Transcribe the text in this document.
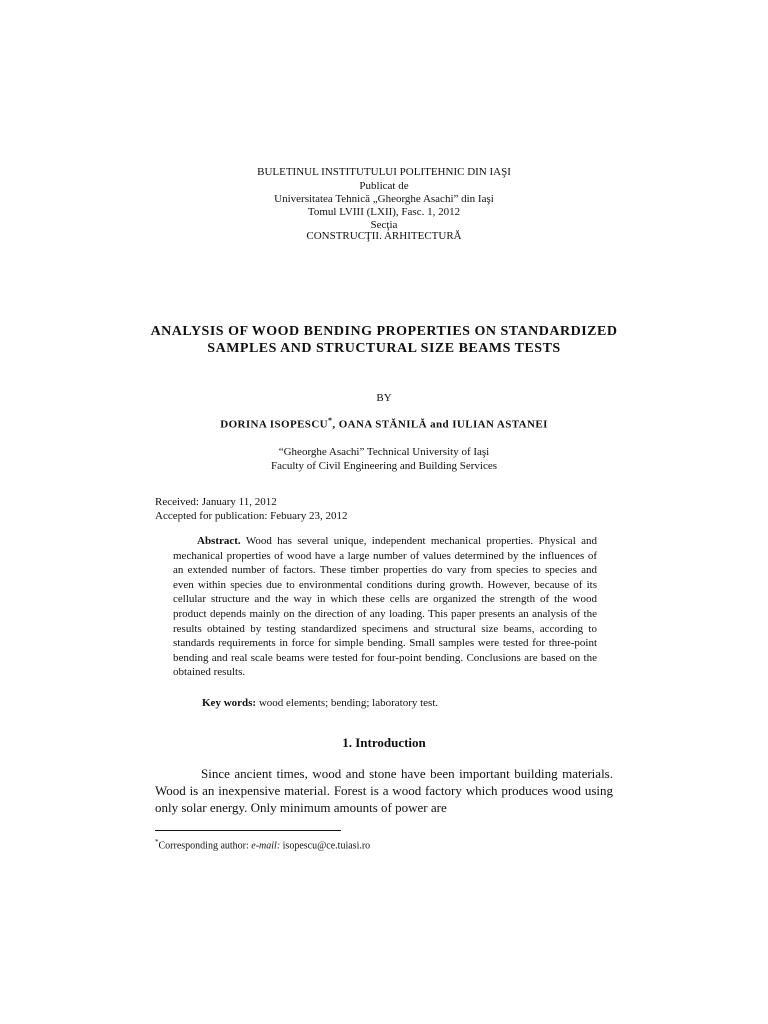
BULETINUL INSTITUTULUI POLITEHNIC DIN IAŞI
Publicat de
Universitatea Tehnică „Gheorghe Asachi” din Iaşi
Tomul LVIII (LXII), Fasc. 1, 2012
Secţia
CONSTRUCŢII. ARHITECTURĂ
ANALYSIS OF WOOD BENDING PROPERTIES ON STANDARDIZED SAMPLES AND STRUCTURAL SIZE BEAMS TESTS
BY
DORINA ISOPESCU*, OANA STĂNILĂ and IULIAN ASTANEI
“Gheorghe Asachi” Technical University of Iaşi
Faculty of Civil Engineering and Building Services
Received: January 11, 2012
Accepted for publication: Febuary 23, 2012

Abstract. Wood has several unique, independent mechanical properties. Physical and mechanical properties of wood have a large number of values determined by the influences of an extended number of factors. These timber properties do vary from species to species and even within species due to environmental conditions during growth. However, because of its cellular structure and the way in which these cells are organized the strength of the wood product depends mainly on the direction of any loading. This paper presents an analysis of the results obtained by testing standardized specimens and structural size beams, according to standards requirements in force for simple bending. Small samples were tested for three-point bending and real scale beams were tested for four-point bending. Conclusions are based on the obtained results.

Key words: wood elements; bending; laboratory test.
1. Introduction

Since ancient times, wood and stone have been important building materials. Wood is an inexpensive material. Forest is a wood factory which produces wood using only solar energy. Only minimum amounts of power are

*Corresponding author: e-mail: isopescu@ce.tuiasi.ro
